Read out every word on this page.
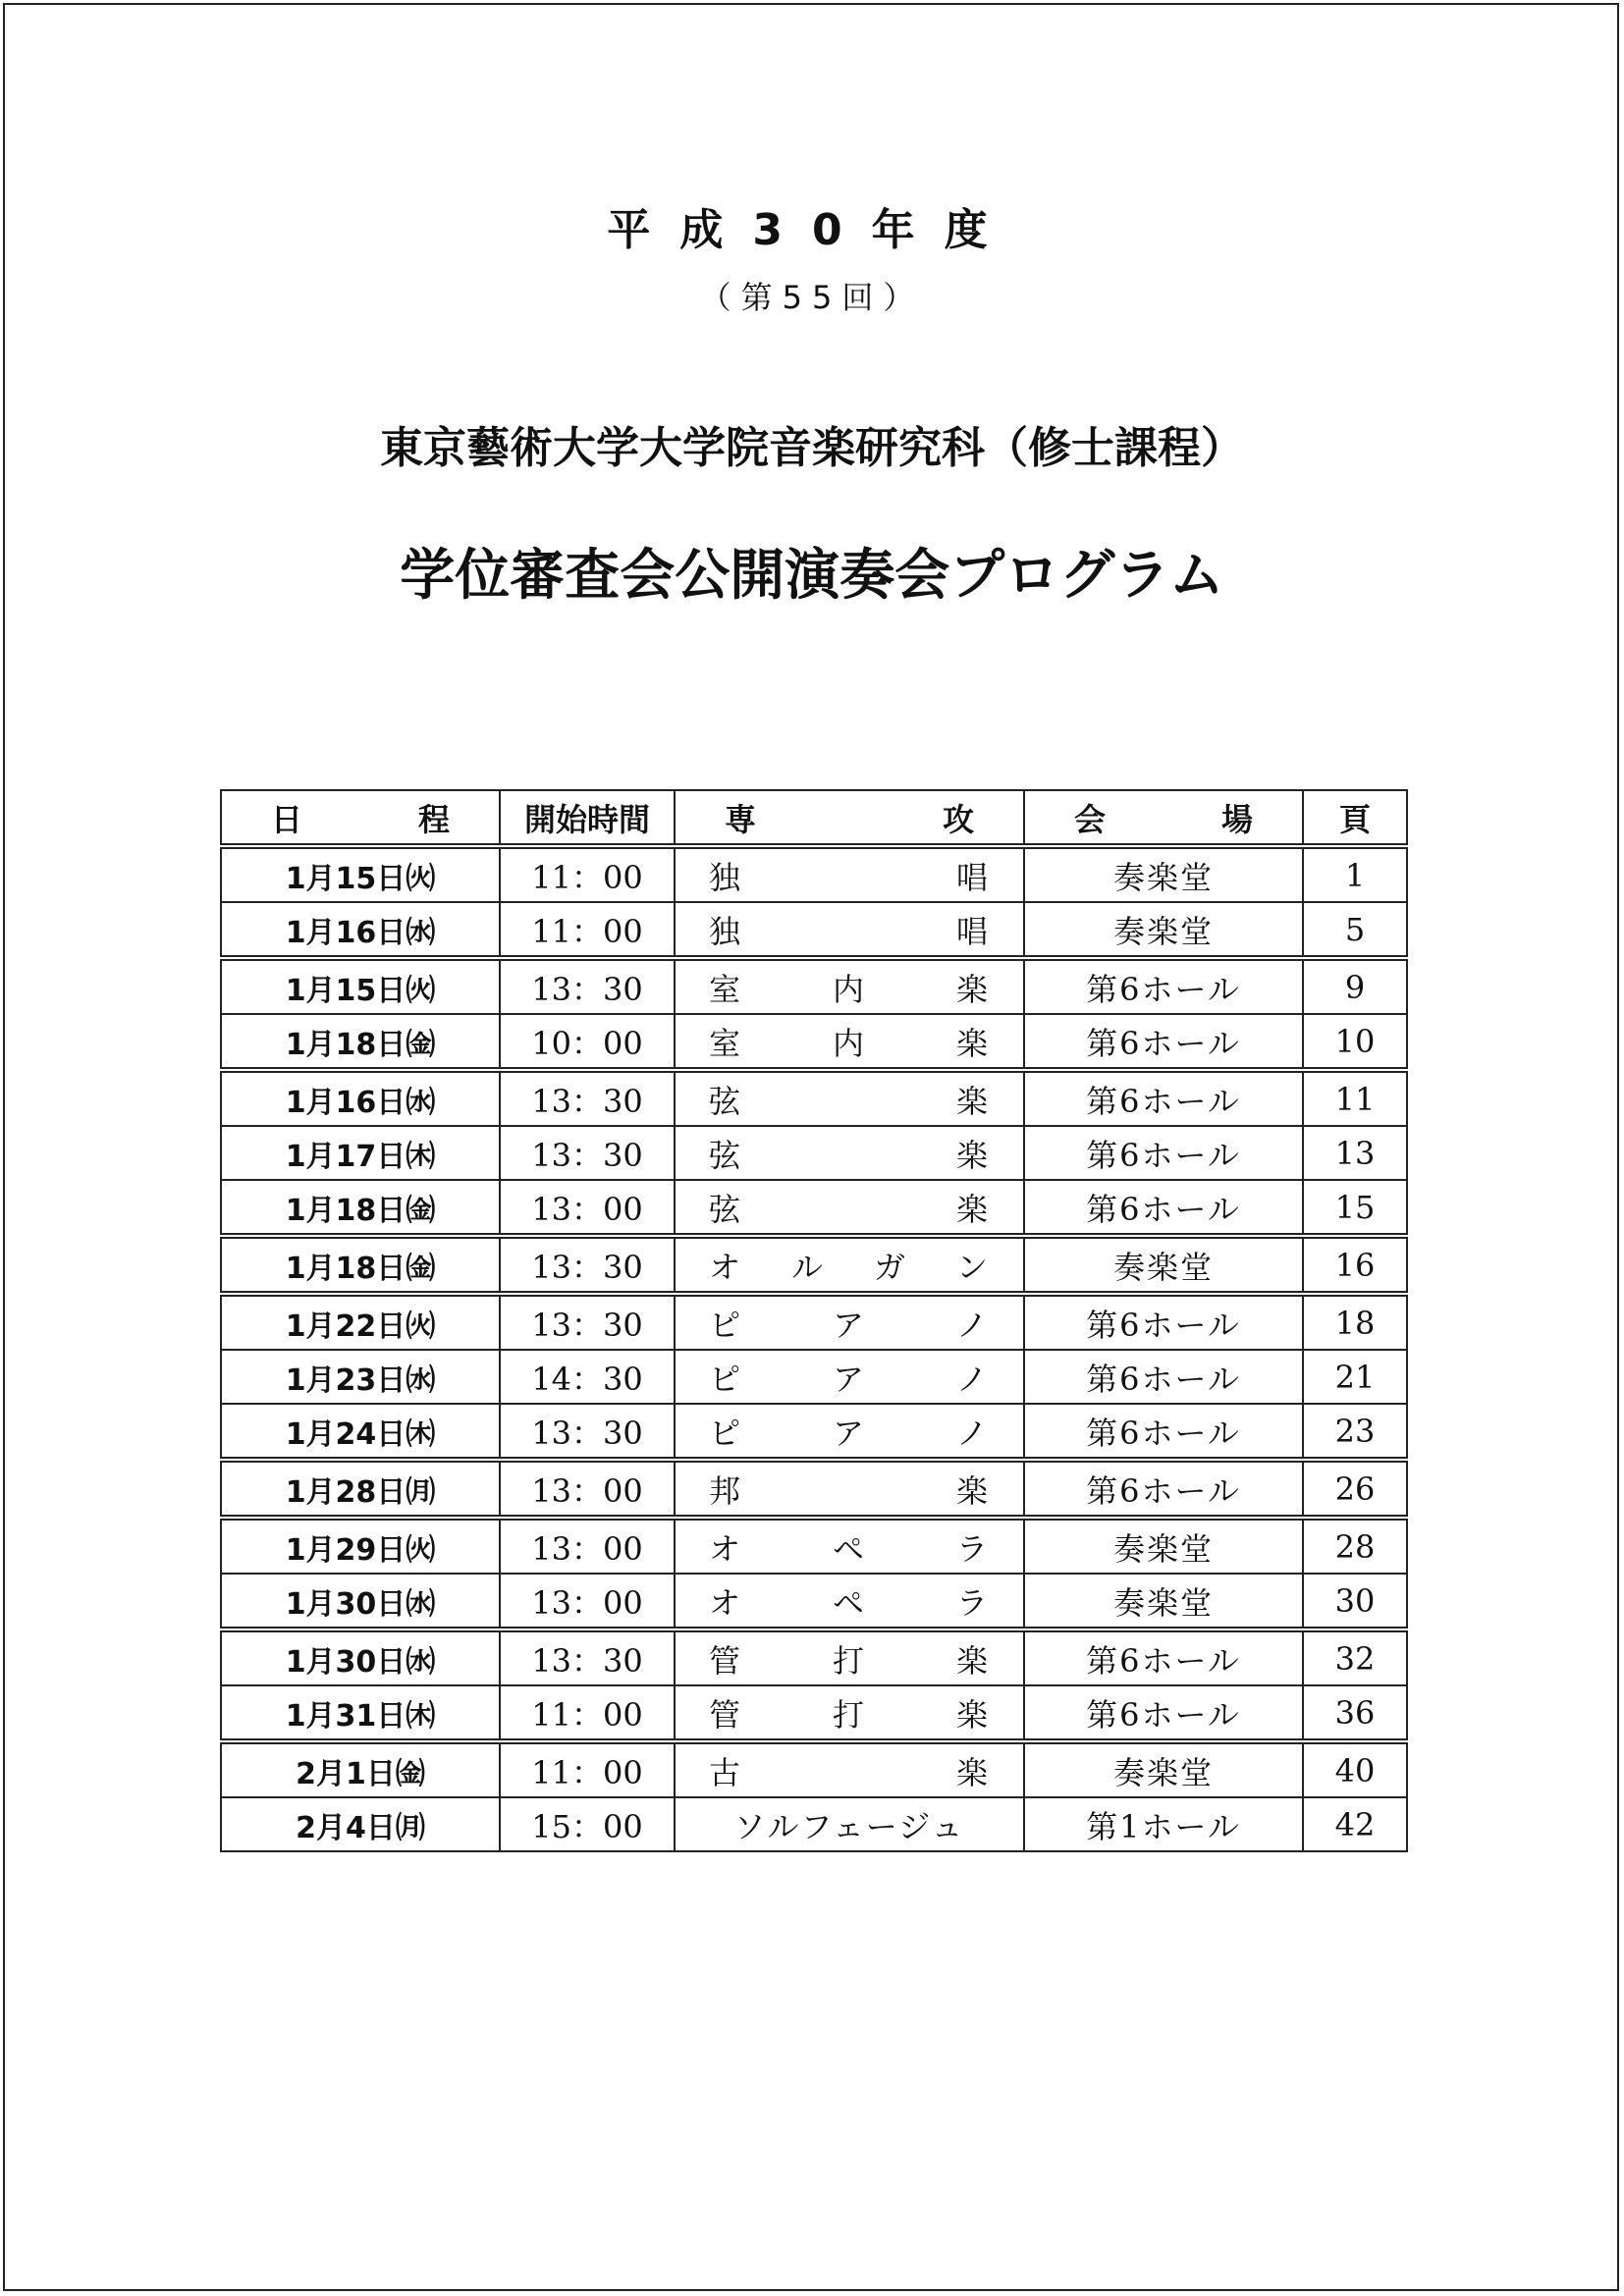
平成30年度
（第55回）
東京藝術大学大学院音楽研究科（修士課程）
学位審査会公開演奏会プログラム
日 程	開始時間	専 攻	会 場	頁
1月15日㈫	11：00	独 唱	奏楽堂	1
1月16日㈬	11：00	独 唱	奏楽堂	5
1月15日㈫	13：30	室 内 楽	第6ホール	9
1月18日㈮	10：00	室 内 楽	第6ホール	10
1月16日㈬	13：30	弦 楽	第6ホール	11
1月17日㈭	13：30	弦 楽	第6ホール	13
1月18日㈮	13：00	弦 楽	第6ホール	15
1月18日㈮	13：30	オ ル ガ ン	奏楽堂	16
1月22日㈫	13：30	ピ ア ノ	第6ホール	18
1月23日㈬	14：30	ピ ア ノ	第6ホール	21
1月24日㈭	13：30	ピ ア ノ	第6ホール	23
1月28日㈪	13：00	邦 楽	第6ホール	26
1月29日㈫	13：00	オ ペ ラ	奏楽堂	28
1月30日㈬	13：00	オ ペ ラ	奏楽堂	30
1月30日㈬	13：30	管 打 楽	第6ホール	32
1月31日㈭	11：00	管 打 楽	第6ホール	36
2月1日㈮	11：00	古 楽	奏楽堂	40
2月4日㈪	15：00	ソルフェージュ	第1ホール	42
